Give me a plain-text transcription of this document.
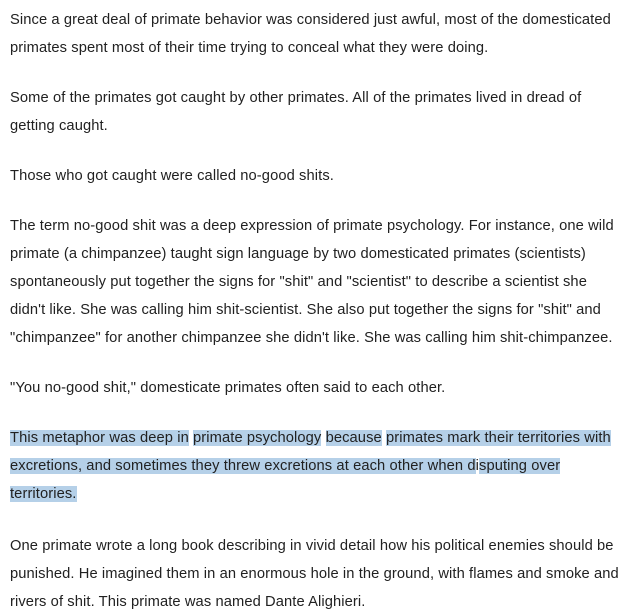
Since a great deal of primate behavior was considered just awful, most of the domesticated primates spent most of their time trying to conceal what they were doing.

Some of the primates got caught by other primates. All of the primates lived in dread of getting caught.

Those who got caught were called no-good shits.

The term no-good shit was a deep expression of primate psychology. For instance, one wild primate (a chimpanzee) taught sign language by two domesticated primates (scientists) spontaneously put together the signs for "shit" and "scientist" to describe a scientist she didn't like. She was calling him shit-scientist. She also put together the signs for "shit" and "chimpanzee" for another chimpanzee she didn't like. She was calling him shit-chimpanzee.

"You no-good shit," domesticate primates often said to each other.

This metaphor was deep in primate psychology because primates mark their territories with excretions, and sometimes they threw excretions at each other when disputing over territories.

One primate wrote a long book describing in vivid detail how his political enemies should be punished. He imagined them in an enormous hole in the ground, with flames and smoke and rivers of shit. This primate was named Dante Alighieri.
